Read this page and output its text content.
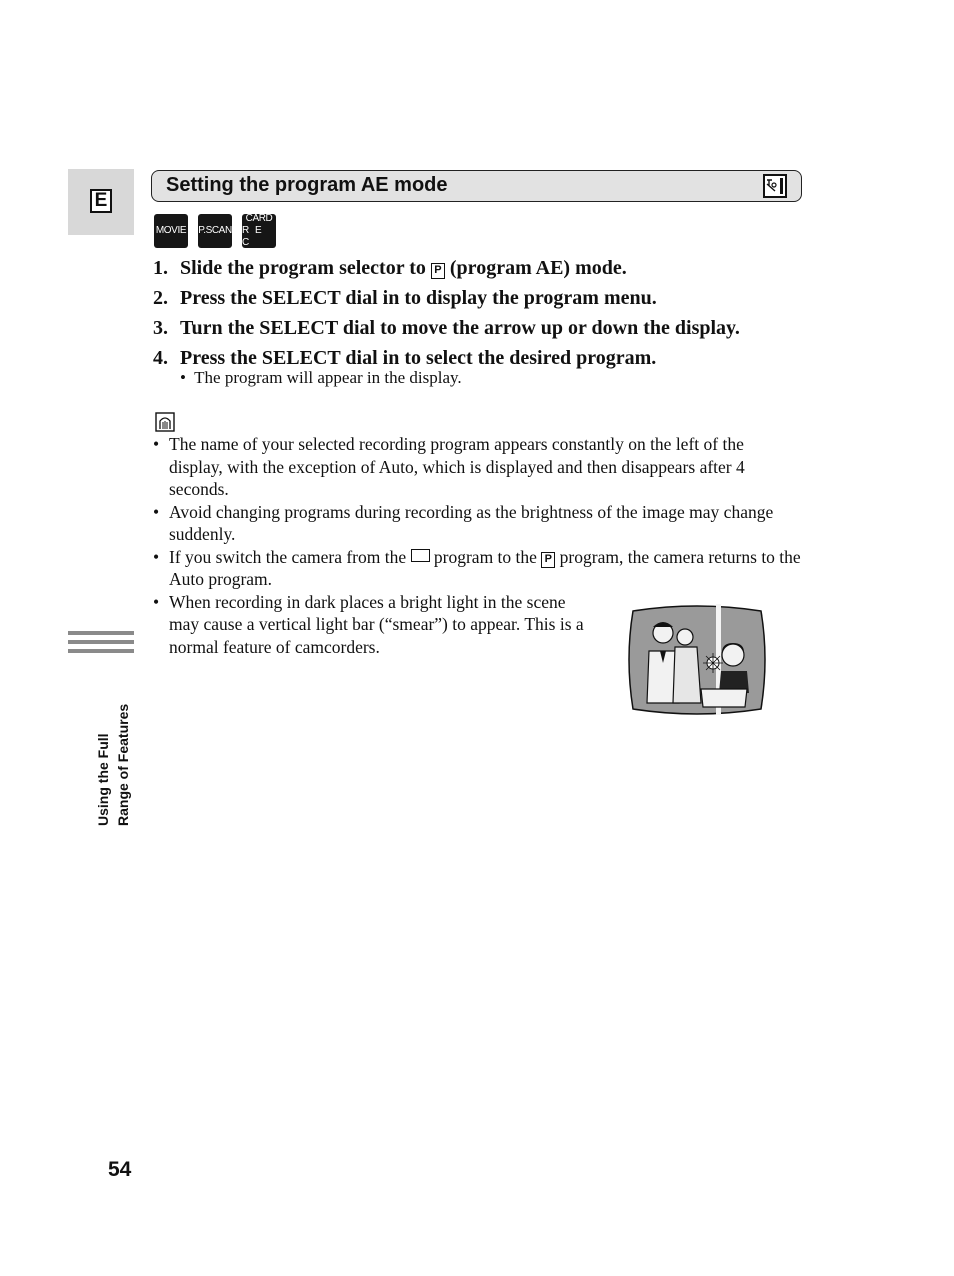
E
Setting the program AE mode
MOVIE P.SCAN
CARD
R E C
1. Slide the program selector to P (program AE) mode.
2. Press the SELECT dial in to display the program menu.
3. Turn the SELECT dial to move the arrow up or down the display.
4. Press the SELECT dial in to select the desired program.
•  The program will appear in the display.
• The name of your selected recording program appears constantly on the left of the display, with the exception of Auto, which is displayed and then disappears after 4 seconds.
• Avoid changing programs during recording as the brightness of the image may change suddenly.
• If you switch the camera from the program to the P program, the camera returns to the Auto program.
• When recording in dark places a bright light in the scene may cause a vertical light bar (“smear”) to appear. This is a normal feature of camcorders.
Using the Full Range of Features
54
